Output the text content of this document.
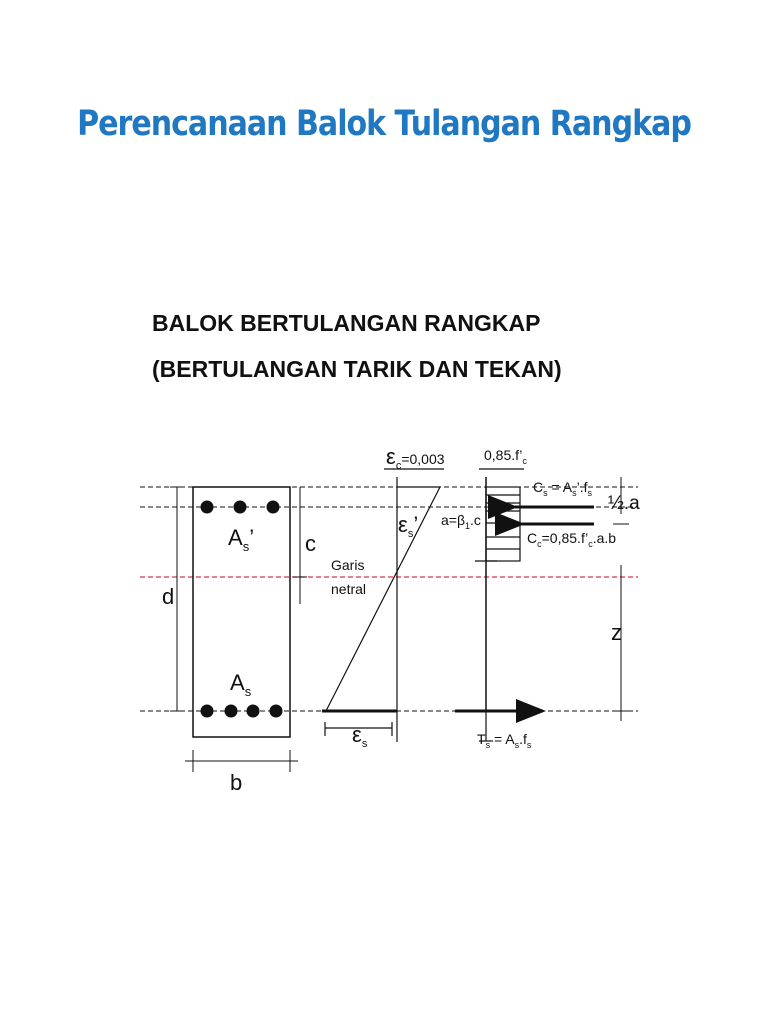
Perencanaan Balok Tulangan Rangkap
BALOK BERTULANGAN RANGKAP
(BERTULANGAN TARIK DAN TEKAN)
$A_s$’
$A_s$
d
c
b
Garis
netral
$\varepsilon_c^{=0,003}$
$\varepsilon_s$’
$\varepsilon_s$
$0,85.f’_c$
$a=\beta_1.c$
$C_s$ = $A_s’.f_s$
$C_c=0,85.f’_c.a.b$
$T_s = A_s.f_s$
½.a
z
